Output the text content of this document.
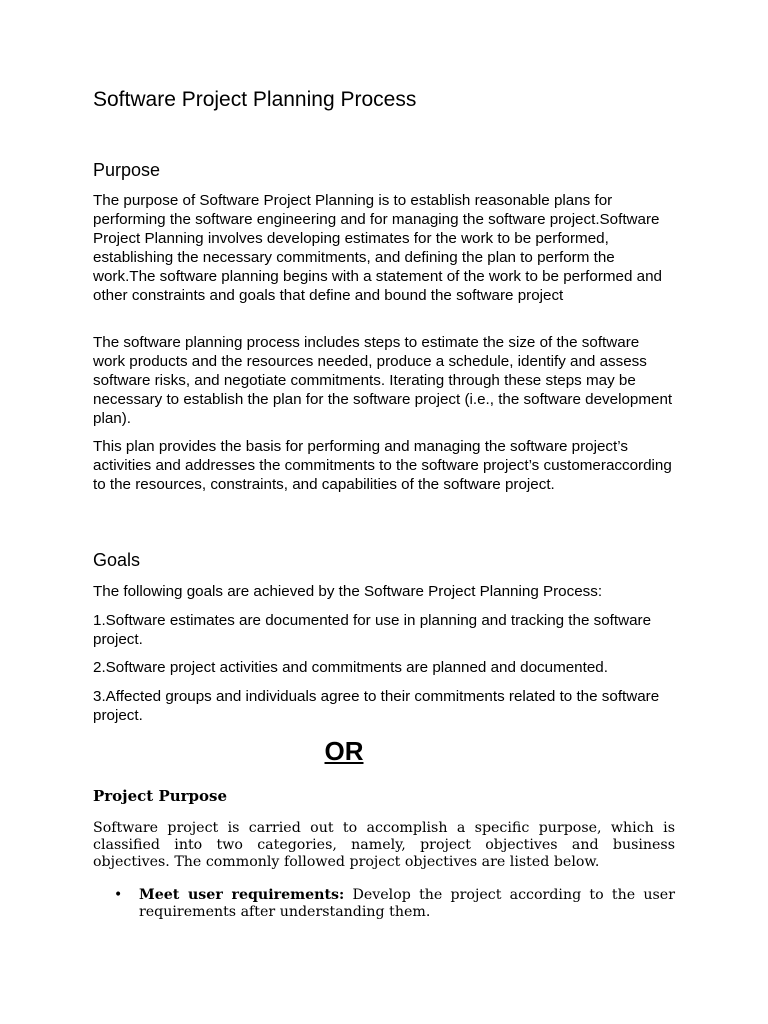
Software Project Planning Process
Purpose

The purpose of Software Project Planning is to establish reasonable plans for performing the software engineering and for managing the software project.Software Project Planning involves developing estimates for the work to be performed, establishing the necessary commitments, and defining the plan to perform the work.The software planning begins with a statement of the work to be performed and other constraints and goals that define and bound the software project

The software planning process includes steps to estimate the size of the software work products and the resources needed, produce a schedule, identify and assess software risks, and negotiate commitments. Iterating through these steps may be necessary to establish the plan for the software project (i.e., the software development plan).

This plan provides the basis for performing and managing the software project’s activities and addresses the commitments to the software project’s customeraccording to the resources, constraints, and capabilities of the software project.

Goals

The following goals are achieved by the Software Project Planning Process:

1.Software estimates are documented for use in planning and tracking the software project.

2.Software project activities and commitments are planned and documented.

3.Affected groups and individuals agree to their commitments related to the software project.

OR
Project Purpose

Software project is carried out to accomplish a specific purpose, which is classified into two categories, namely, project objectives and business objectives. The commonly followed project objectives are listed below.

• Meet user requirements: Develop the project according to the user requirements after understanding them.
